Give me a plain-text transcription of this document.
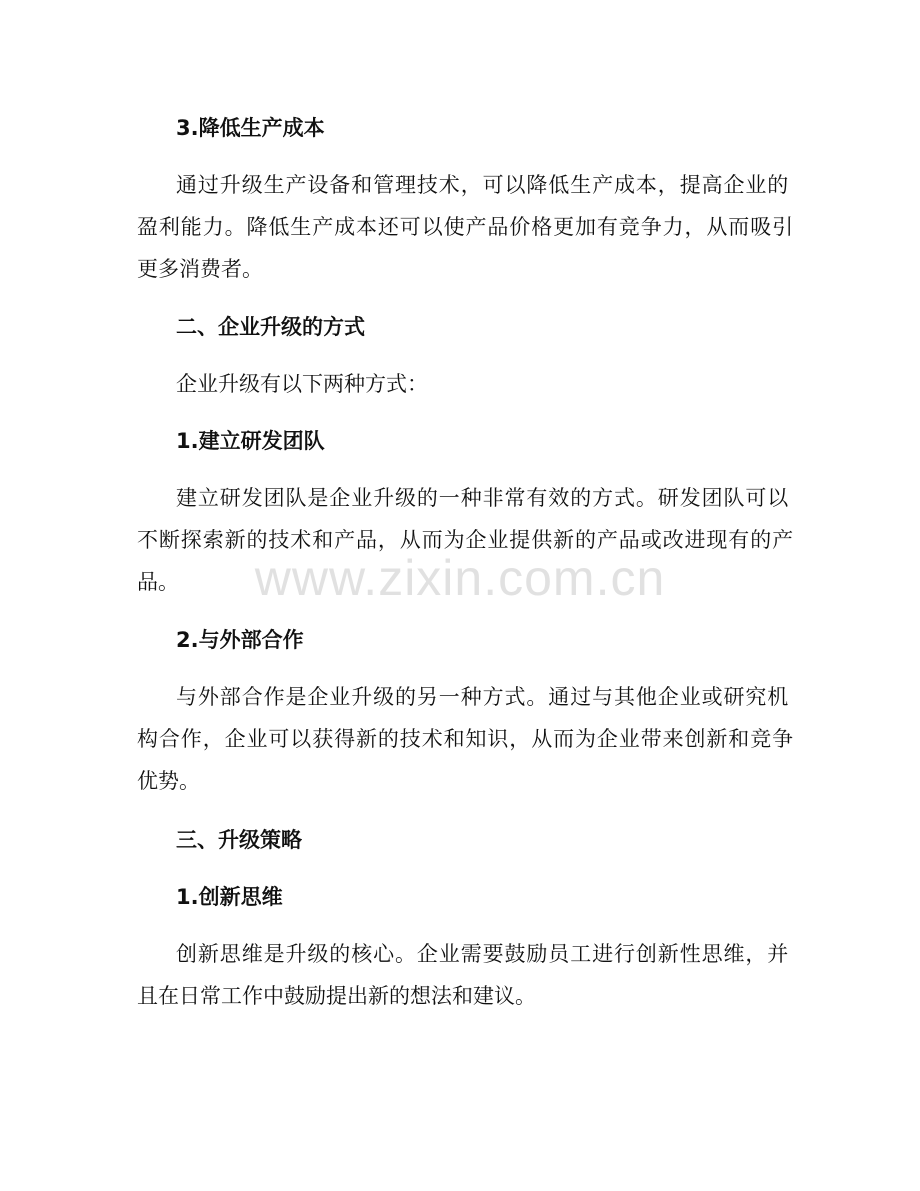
3.降低生产成本
通过升级生产设备和管理技术，可以降低生产成本，提高企业的
盈利能力。降低生产成本还可以使产品价格更加有竞争力，从而吸引
更多消费者。
二、企业升级的方式
企业升级有以下两种方式：
1.建立研发团队
建立研发团队是企业升级的一种非常有效的方式。研发团队可以
不断探索新的技术和产品，从而为企业提供新的产品或改进现有的产
品。
2.与外部合作
与外部合作是企业升级的另一种方式。通过与其他企业或研究机
构合作，企业可以获得新的技术和知识，从而为企业带来创新和竞争
优势。
三、升级策略
1.创新思维
创新思维是升级的核心。企业需要鼓励员工进行创新性思维，并
且在日常工作中鼓励提出新的想法和建议。
www.zixin.com.cn
